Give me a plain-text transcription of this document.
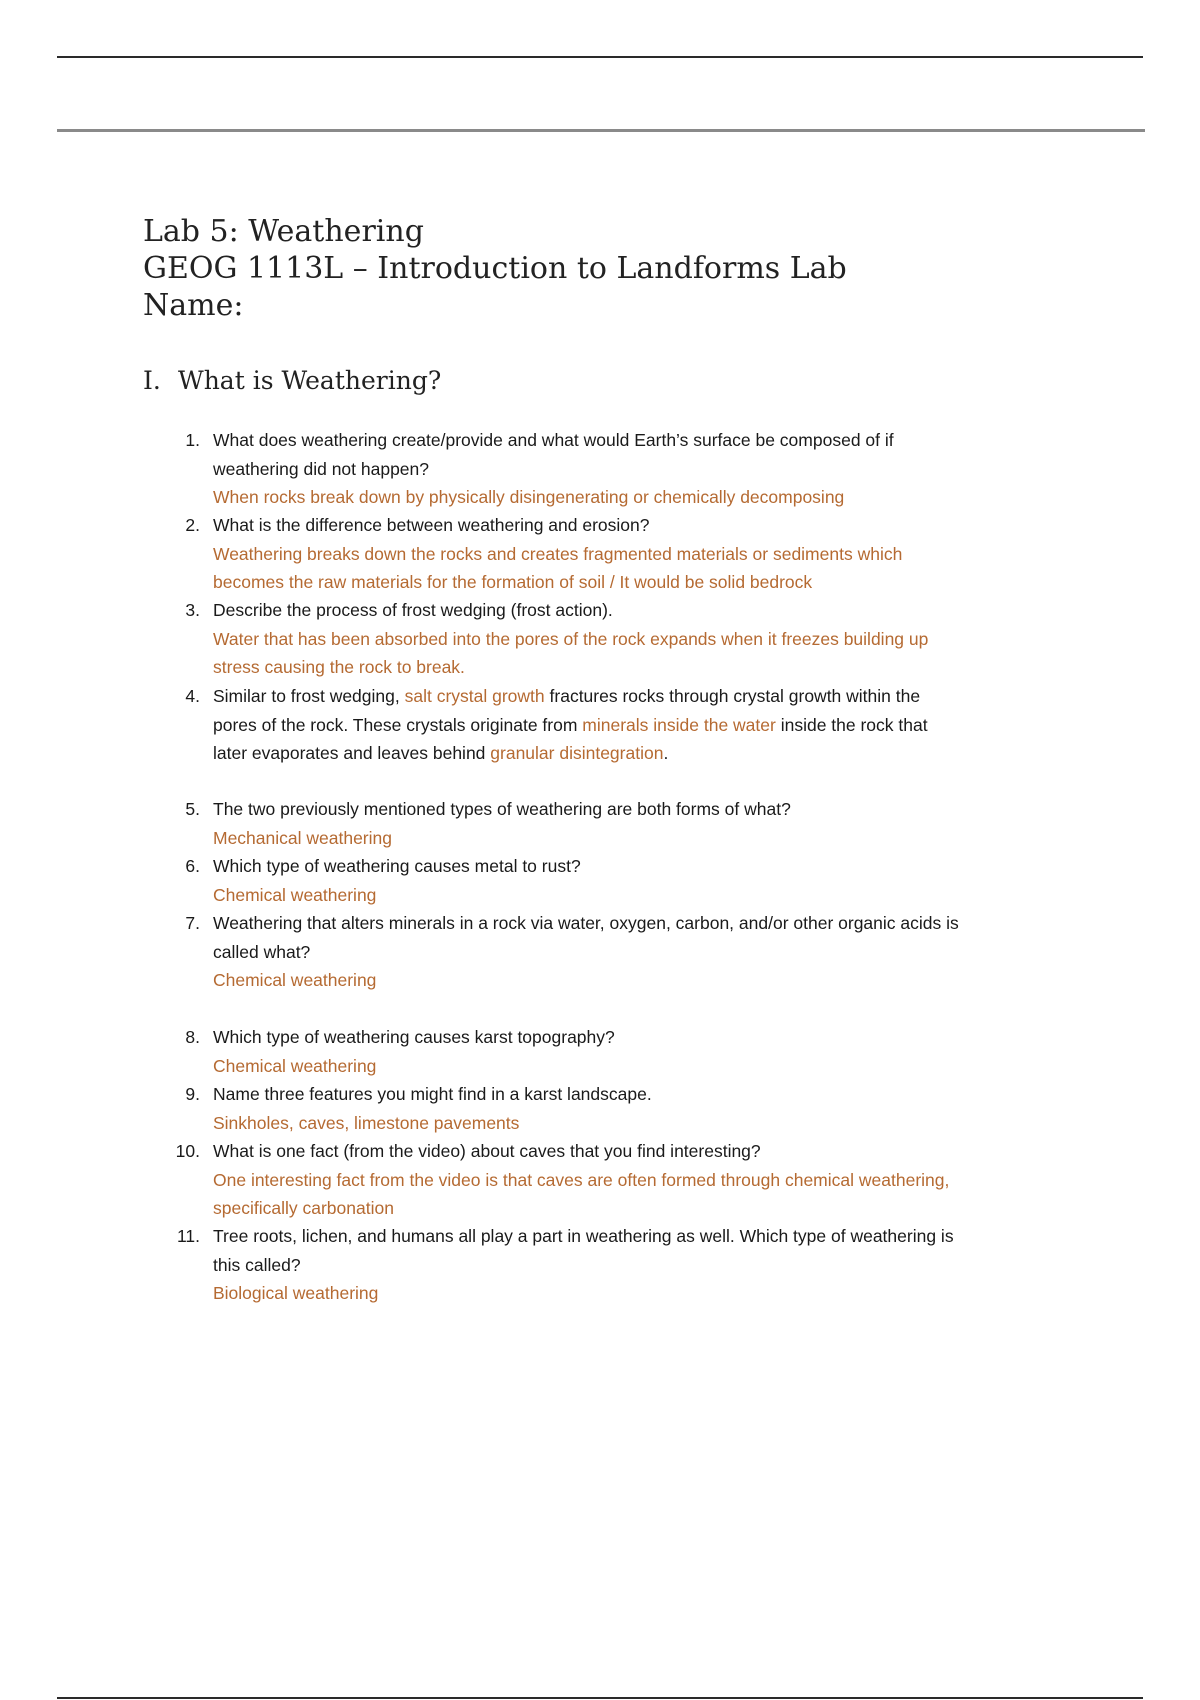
Lab 5: Weathering
GEOG 1113L – Introduction to Landforms Lab
Name:
I. What is Weathering?
1. What does weathering create/provide and what would Earth’s surface be composed of if
weathering did not happen?
When rocks break down by physically disingenerating or chemically decomposing
2. What is the difference between weathering and erosion?
Weathering breaks down the rocks and creates fragmented materials or sediments which
becomes the raw materials for the formation of soil / It would be solid bedrock
3. Describe the process of frost wedging (frost action).
Water that has been absorbed into the pores of the rock expands when it freezes building up
stress causing the rock to break.
4. Similar to frost wedging, salt crystal growth fractures rocks through crystal growth within the
pores of the rock. These crystals originate from minerals inside the water inside the rock that
later evaporates and leaves behind granular disintegration.
5. The two previously mentioned types of weathering are both forms of what?
Mechanical weathering
6. Which type of weathering causes metal to rust?
Chemical weathering
7. Weathering that alters minerals in a rock via water, oxygen, carbon, and/or other organic acids is
called what?
Chemical weathering
8. Which type of weathering causes karst topography?
Chemical weathering
9. Name three features you might find in a karst landscape.
Sinkholes, caves, limestone pavements
10. What is one fact (from the video) about caves that you find interesting?
One interesting fact from the video is that caves are often formed through chemical weathering,
specifically carbonation
11. Tree roots, lichen, and humans all play a part in weathering as well. Which type of weathering is
this called?
Biological weathering
